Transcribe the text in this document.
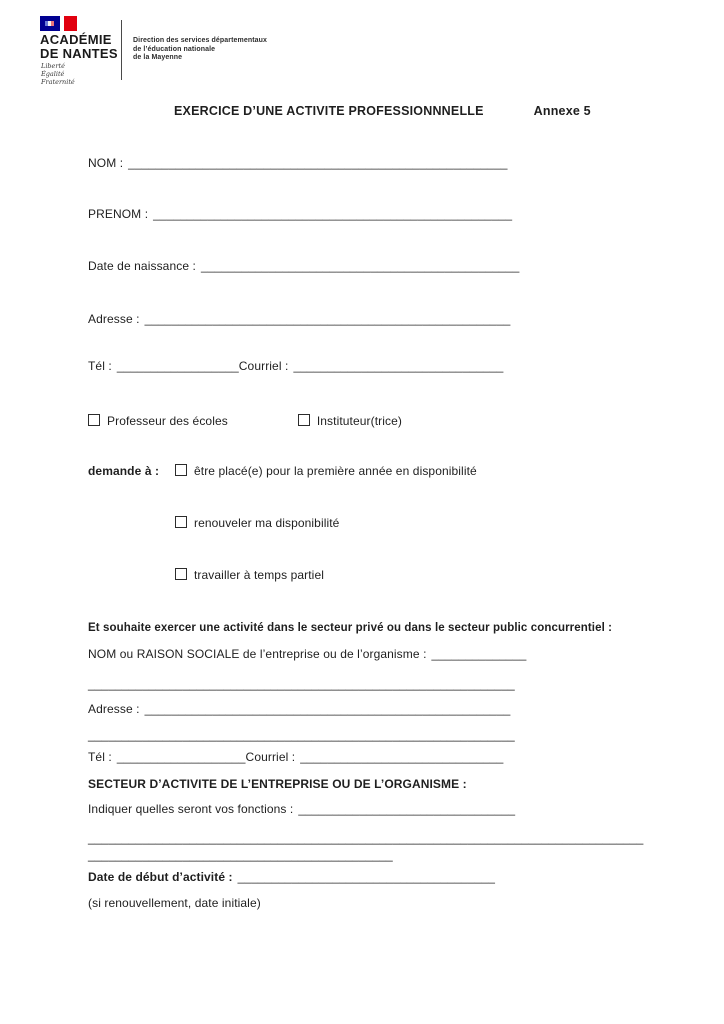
ACADÉMIE
DE NANTES
Liberté
Égalité
Fraternité
Direction des services départementaux
de l’éducation nationale
de la Mayenne
EXERCICE D’UNE ACTIVITE PROFESSIONNNELLE	Annexe 5
NOM : ________________________________________________________
PRENOM : _____________________________________________________
Date de naissance : _______________________________________________
Adresse : ______________________________________________________
Tél : __________________Courriel : _______________________________
Professeur des écoles	Instituteur(trice)
demande à :	être placé(e) pour la première année en disponibilité
renouveler ma disponibilité
travailler à temps partiel
Et souhaite exercer une activité dans le secteur privé ou dans le secteur public concurrentiel :
NOM ou RAISON SOCIALE de l’entreprise ou de l’organisme : ______________
_______________________________________________________________
Adresse : ______________________________________________________
_______________________________________________________________
Tél : ___________________Courriel : ______________________________
SECTEUR D’ACTIVITE DE L’ENTREPRISE OU DE L’ORGANISME :
Indiquer quelles seront vos fonctions : ________________________________
__________________________________________________________________________________
_____________________________________________
Date de début d’activité : ______________________________________
(si renouvellement, date initiale)
